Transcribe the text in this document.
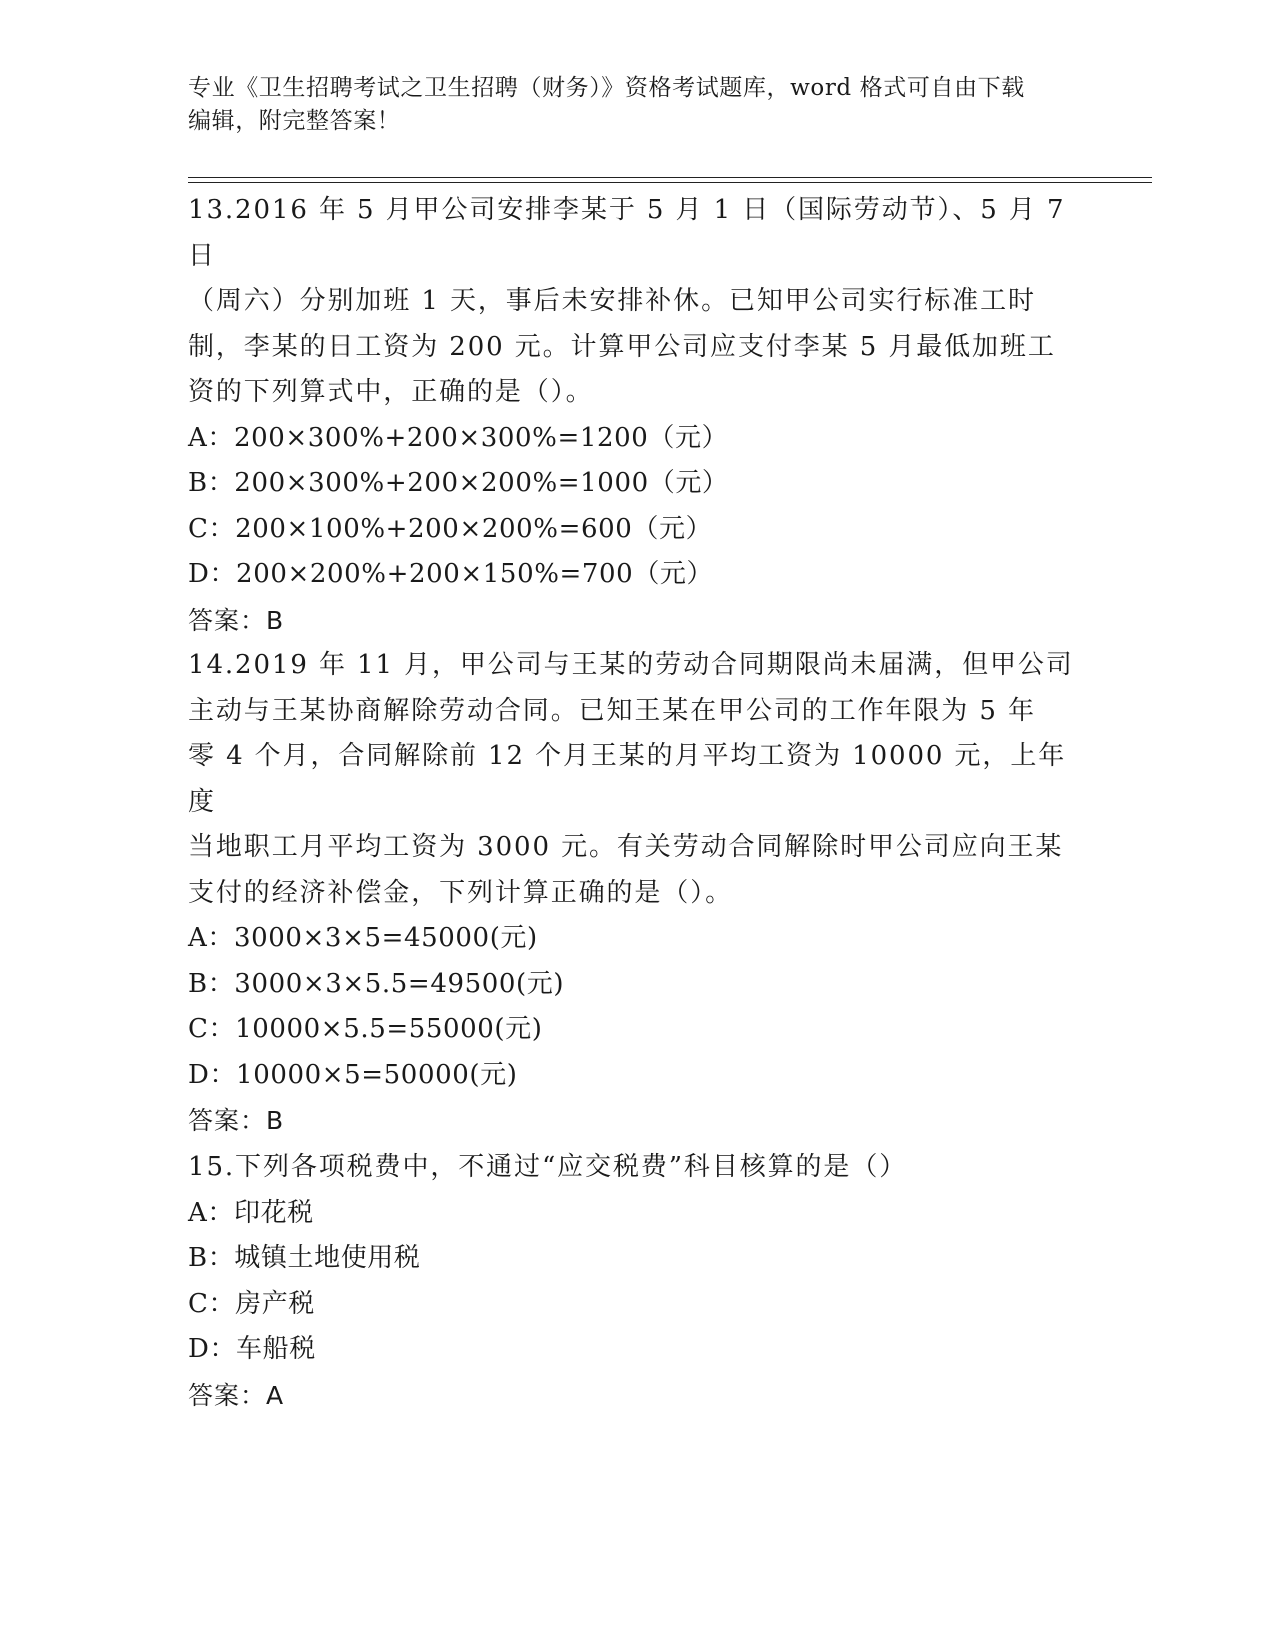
专业《卫生招聘考试之卫生招聘（财务）》资格考试题库，word 格式可自由下载
编辑，附完整答案！

13.2016 年 5 月甲公司安排李某于 5 月 1 日（国际劳动节）、5 月 7 日

（周六）分别加班 1 天，事后未安排补休。已知甲公司实行标准工时

制，李某的日工资为 200 元。计算甲公司应支付李某 5 月最低加班工

资的下列算式中，正确的是（）。

A：200×300%+200×300%=1200（元）

B：200×300%+200×200%=1000（元）

C：200×100%+200×200%=600（元）

D：200×200%+200×150%=700（元）

答案：B

14.2019 年 11 月，甲公司与王某的劳动合同期限尚未届满，但甲公司

主动与王某协商解除劳动合同。已知王某在甲公司的工作年限为 5 年

零 4 个月，合同解除前 12 个月王某的月平均工资为 10000 元，上年度

当地职工月平均工资为 3000 元。有关劳动合同解除时甲公司应向王某

支付的经济补偿金，下列计算正确的是（）。

A：3000×3×5=45000(元)

B：3000×3×5.5=49500(元)

C：10000×5.5=55000(元)

D：10000×5=50000(元)

答案：B

15.下列各项税费中，不通过“应交税费”科目核算的是（）

A：印花税

B：城镇土地使用税

C：房产税

D：车船税

答案：A
